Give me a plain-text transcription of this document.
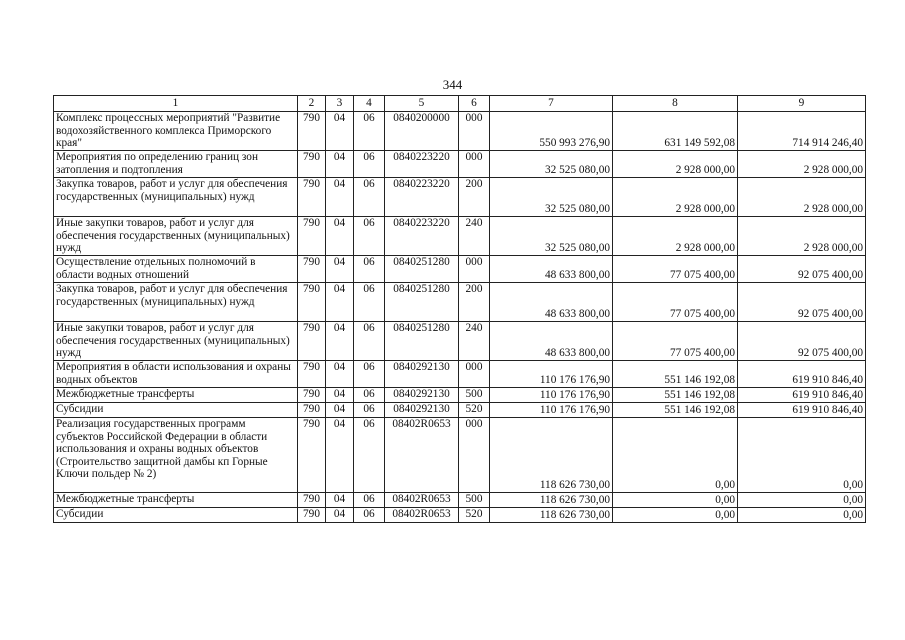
344
1	2	3	4	5	6	7	8	9
Комплекс процессных мероприятий "Развитие водохозяйственного комплекса Приморского края"	790	04	06	0840200000	000	550 993 276,90	631 149 592,08	714 914 246,40
Мероприятия по определению границ зон затопления и подтопления	790	04	06	0840223220	000	32 525 080,00	2 928 000,00	2 928 000,00
Закупка товаров, работ и услуг для обеспечения государственных (муниципальных) нужд	790	04	06	0840223220	200	32 525 080,00	2 928 000,00	2 928 000,00
Иные закупки товаров, работ и услуг для обеспечения государственных (муниципальных) нужд	790	04	06	0840223220	240	32 525 080,00	2 928 000,00	2 928 000,00
Осуществление отдельных полномочий в области водных отношений	790	04	06	0840251280	000	48 633 800,00	77 075 400,00	92 075 400,00
Закупка товаров, работ и услуг для обеспечения государственных (муниципальных) нужд	790	04	06	0840251280	200	48 633 800,00	77 075 400,00	92 075 400,00
Иные закупки товаров, работ и услуг для обеспечения государственных (муниципальных) нужд	790	04	06	0840251280	240	48 633 800,00	77 075 400,00	92 075 400,00
Мероприятия в области использования и охраны водных объектов	790	04	06	0840292130	000	110 176 176,90	551 146 192,08	619 910 846,40
Межбюджетные трансферты	790	04	06	0840292130	500	110 176 176,90	551 146 192,08	619 910 846,40
Субсидии	790	04	06	0840292130	520	110 176 176,90	551 146 192,08	619 910 846,40
Реализация государственных программ субъектов Российской Федерации в области использования и охраны водных объектов (Строительство защитной дамбы кп Горные Ключи польдер № 2)	790	04	06	08402R0653	000	118 626 730,00	0,00	0,00
Межбюджетные трансферты	790	04	06	08402R0653	500	118 626 730,00	0,00	0,00
Субсидии	790	04	06	08402R0653	520	118 626 730,00	0,00	0,00
